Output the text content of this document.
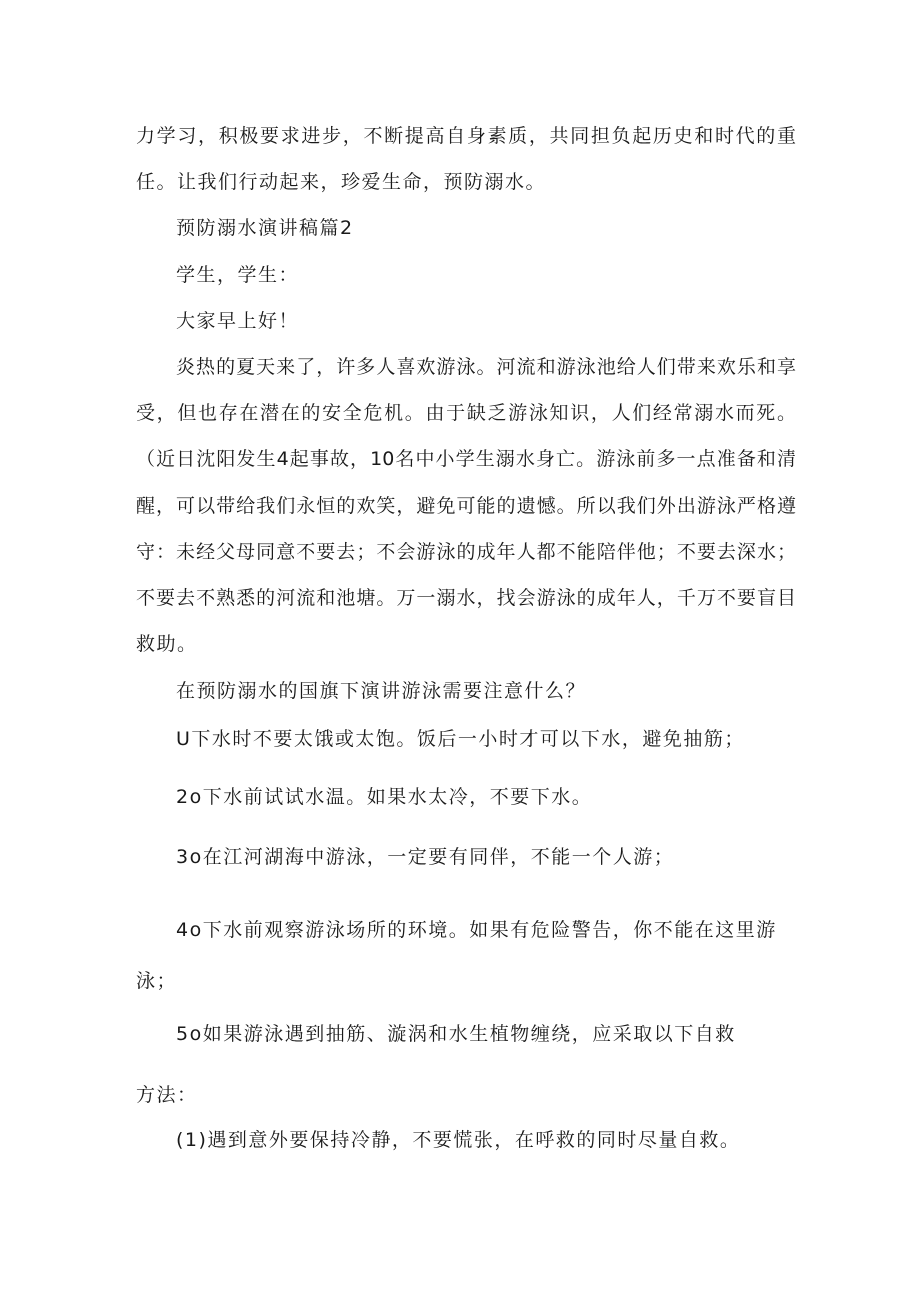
力学习，积极要求进步，不断提高自身素质，共同担负起历史和时代的重
任。让我们行动起来，珍爱生命，预防溺水。
预防溺水演讲稿篇2
学生，学生：
大家早上好！
炎热的夏天来了，许多人喜欢游泳。河流和游泳池给人们带来欢乐和享
受，但也存在潜在的安全危机。由于缺乏游泳知识，人们经常溺水而死。
（近日沈阳发生4起事故，10名中小学生溺水身亡。游泳前多一点准备和清
醒，可以带给我们永恒的欢笑，避免可能的遗憾。所以我们外出游泳严格遵
守：未经父母同意不要去；不会游泳的成年人都不能陪伴他；不要去深水；
不要去不熟悉的河流和池塘。万一溺水，找会游泳的成年人，千万不要盲目
救助。
在预防溺水的国旗下演讲游泳需要注意什么？
U下水时不要太饿或太饱。饭后一小时才可以下水，避免抽筋；
2o下水前试试水温。如果水太冷，不要下水。
3o在江河湖海中游泳，一定要有同伴，不能一个人游；
4o下水前观察游泳场所的环境。如果有危险警告，你不能在这里游
泳；
5o如果游泳遇到抽筋、漩涡和水生植物缠绕，应采取以下自救
方法：
(1)遇到意外要保持冷静，不要慌张，在呼救的同时尽量自救。
